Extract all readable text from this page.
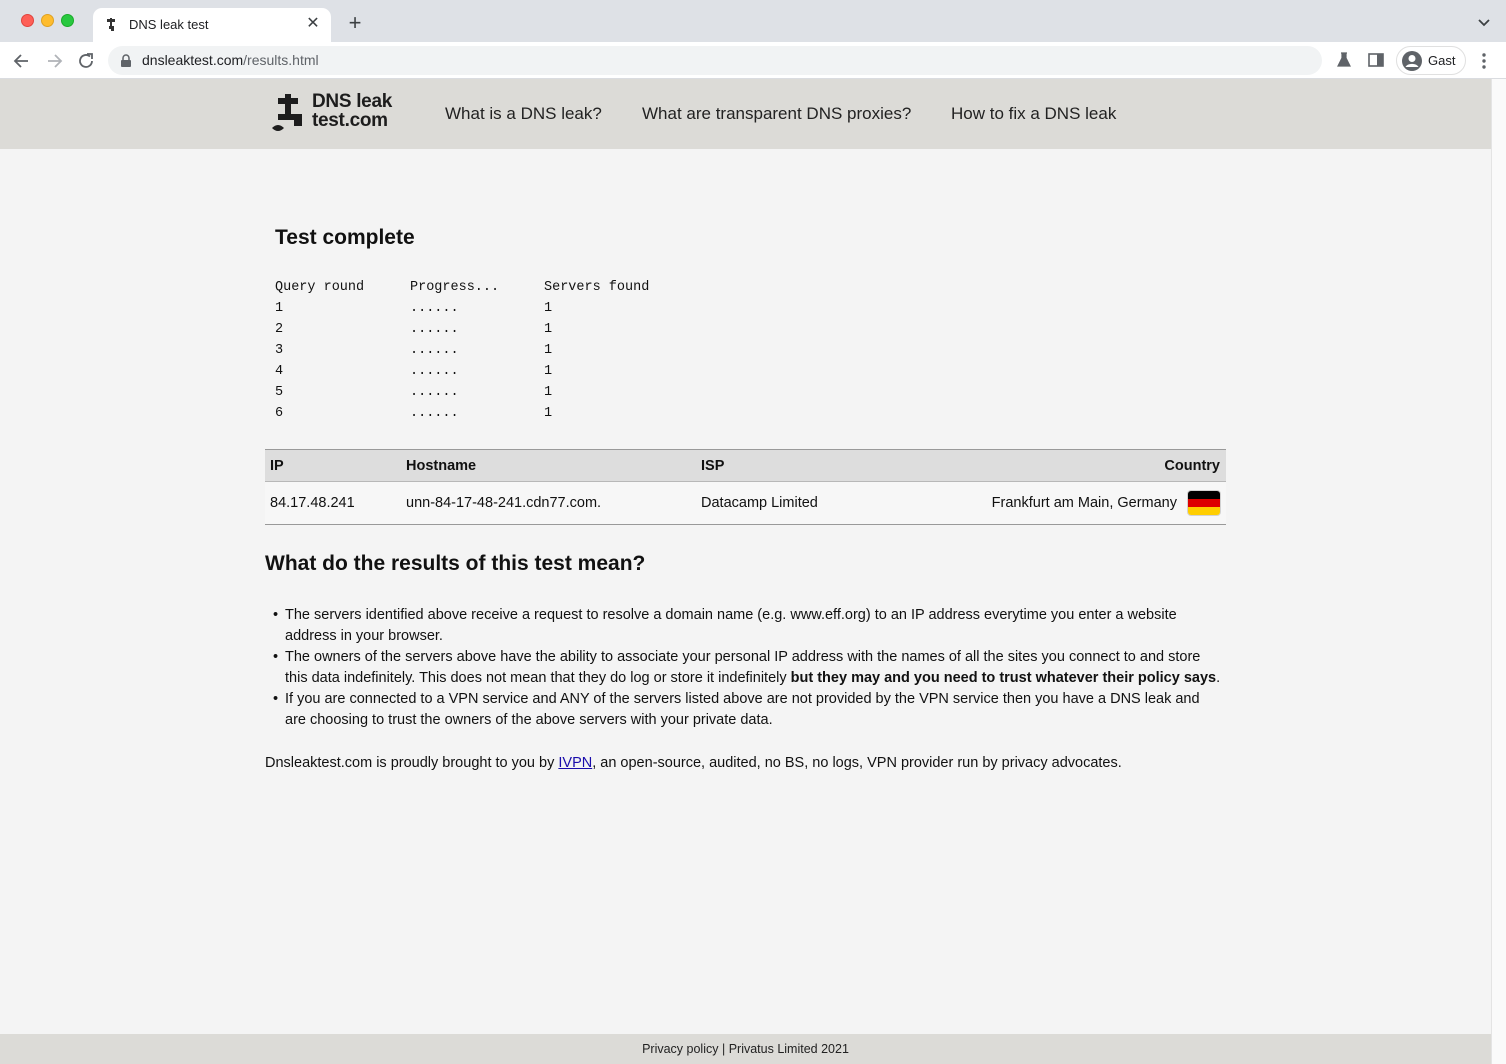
DNS leak test	✕ +
dnsleaktest.com/results.html	Gast
DNS leak
test.com	What is a DNS leak? What are transparent DNS proxies? How to fix a DNS leak
Test complete
Query round	Progress...	Servers found
1	......	1
2	......	1
3	......	1
4	......	1
5	......	1
6	......	1
IP	Hostname	ISP	Country
84.17.48.241	unn-84-17-48-241.cdn77.com.	Datacamp Limited	Frankfurt am Main, Germany
What do the results of this test mean?
• The servers identified above receive a request to resolve a domain name (e.g. www.eff.org) to an IP address everytime you enter a website address in your browser.
• The owners of the servers above have the ability to associate your personal IP address with the names of all the sites you connect to and store this data indefinitely. This does not mean that they do log or store it indefinitely but they may and you need to trust whatever their policy says.
• If you are connected to a VPN service and ANY of the servers listed above are not provided by the VPN service then you have a DNS leak and are choosing to trust the owners of the above servers with your private data.

Dnsleaktest.com is proudly brought to you by IVPN, an open-source, audited, no BS, no logs, VPN provider run by privacy advocates.

Privacy policy | Privatus Limited 2021
